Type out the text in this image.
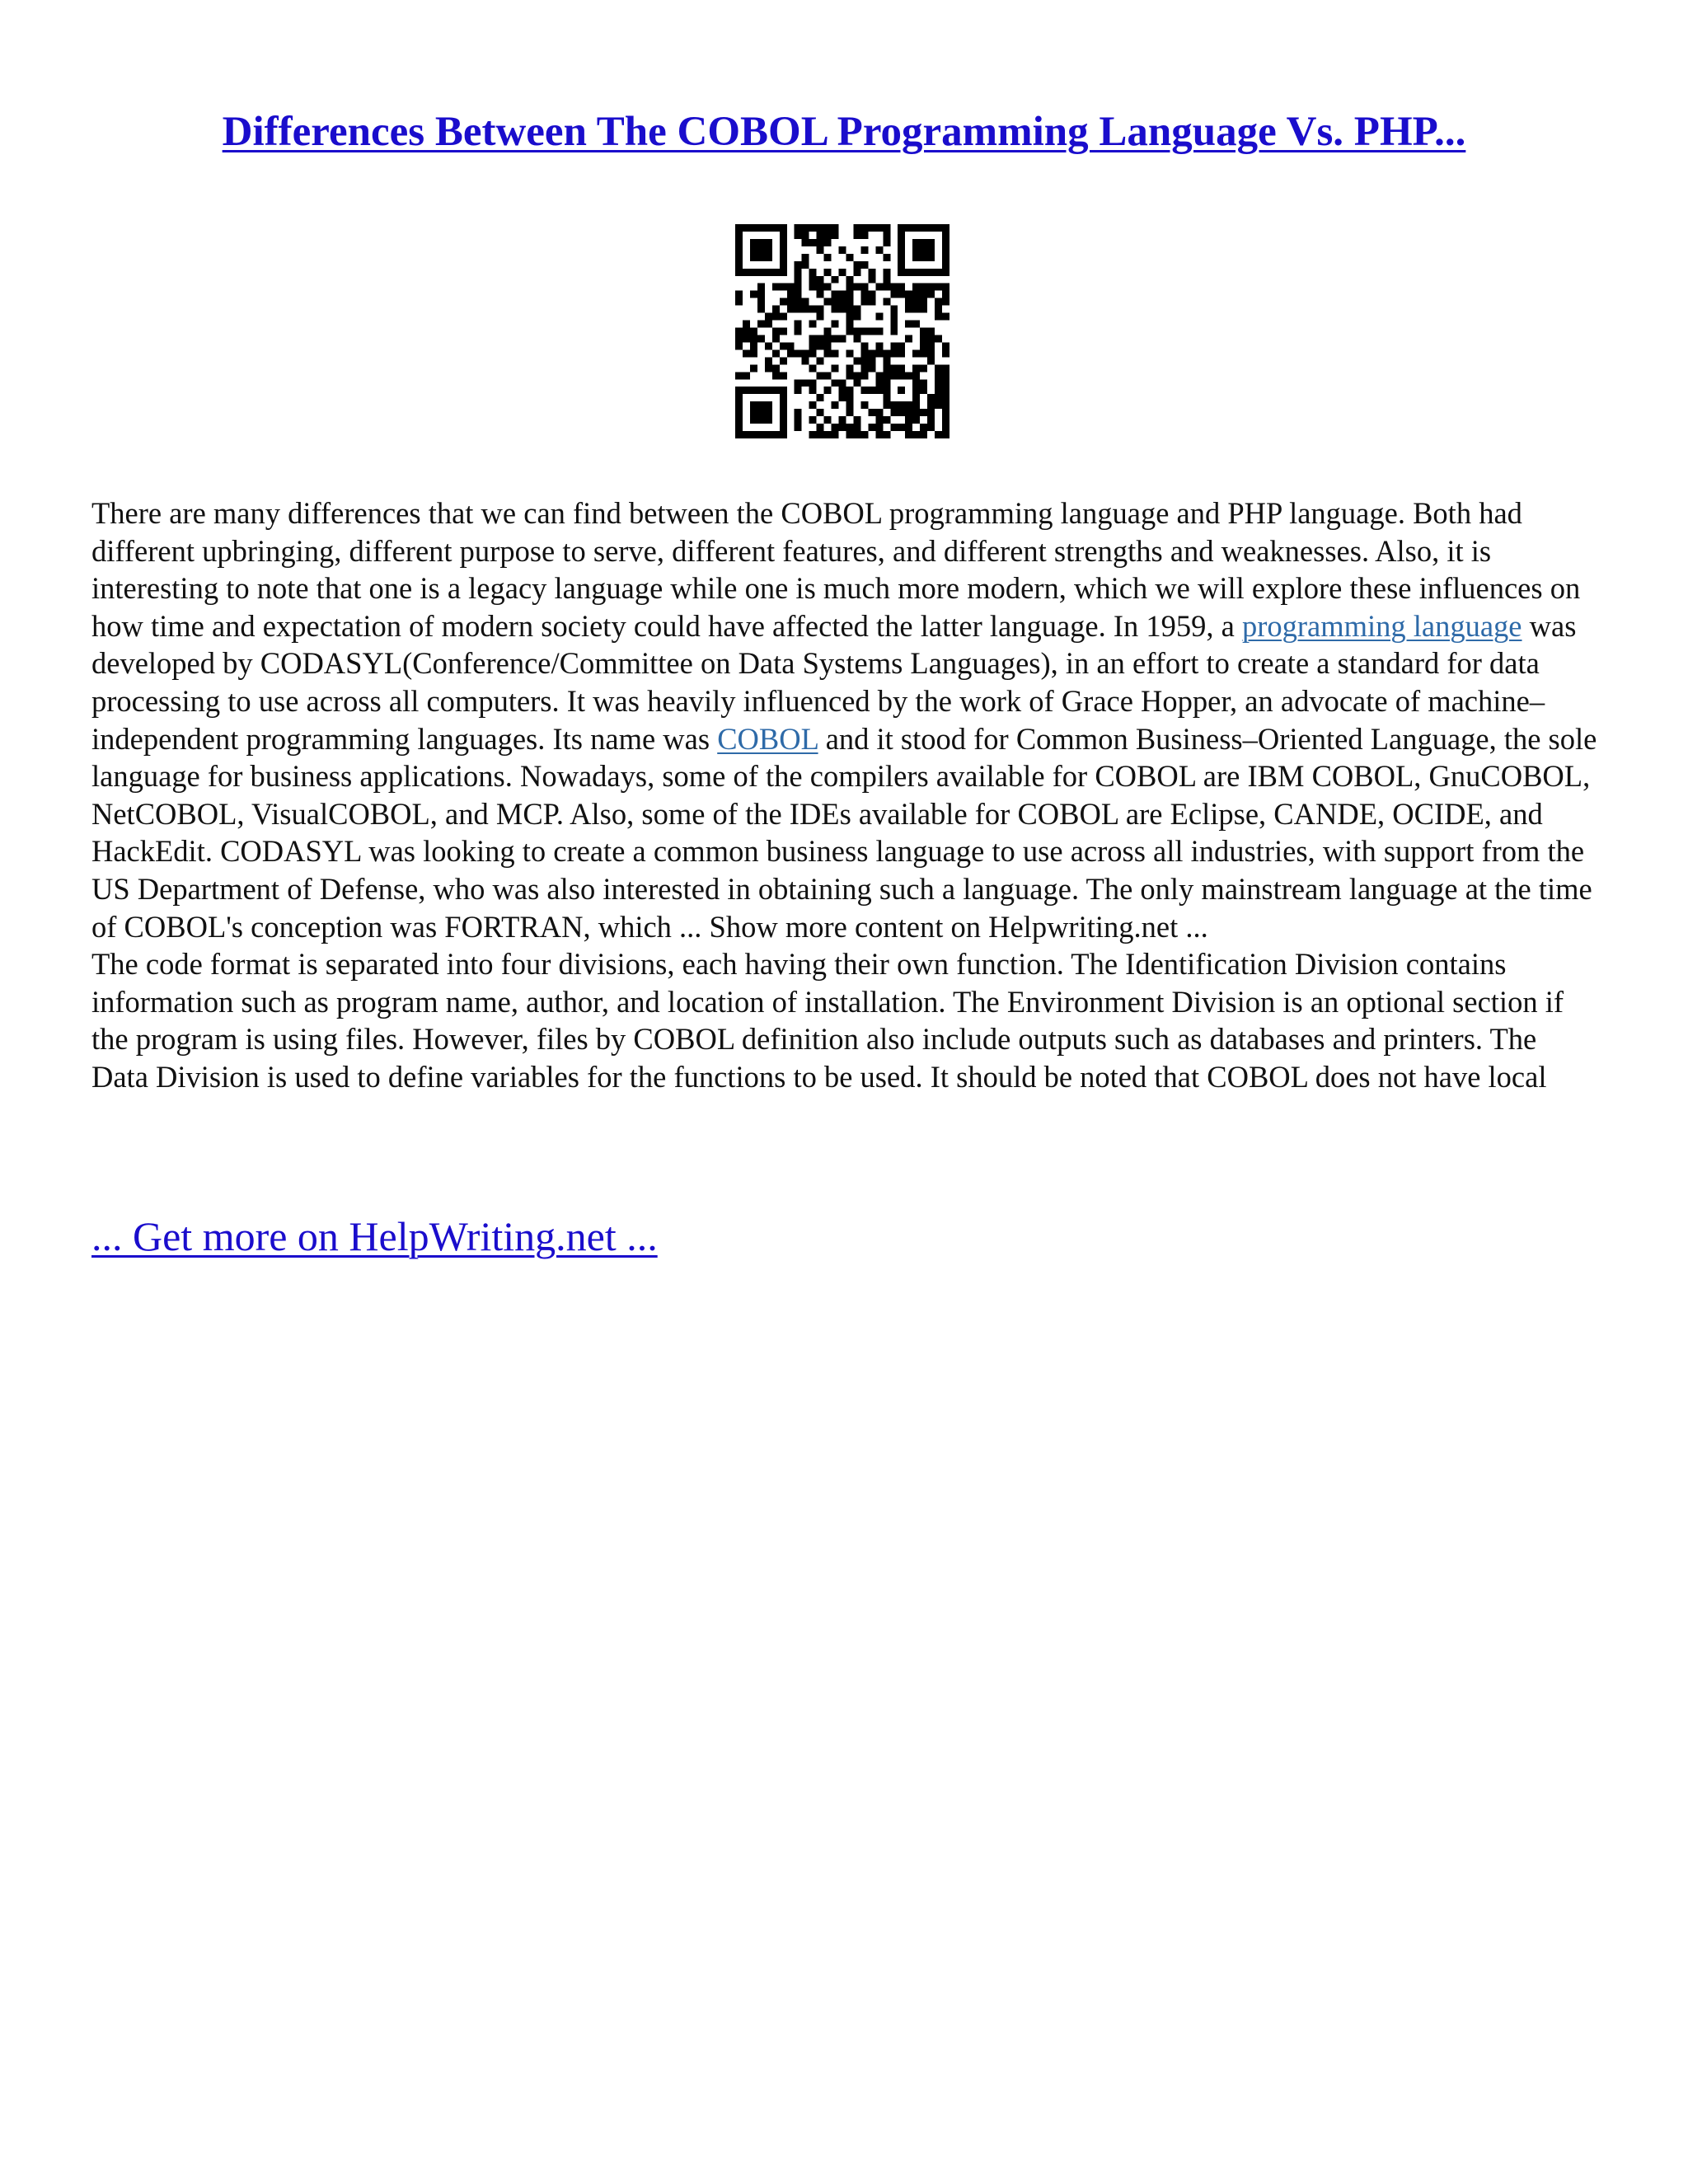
Differences Between The COBOL Programming Language Vs. PHP...

There are many differences that we can find between the COBOL programming language and PHP language. Both had different upbringing, different purpose to serve, different features, and different strengths and weaknesses. Also, it is interesting to note that one is a legacy language while one is much more modern, which we will explore these influences on how time and expectation of modern society could have affected the latter language. In 1959, a programming language was developed by CODASYL(Conference/Committee on Data Systems Languages), in an effort to create a standard for data processing to use across all computers. It was heavily influenced by the work of Grace Hopper, an advocate of machine–independent programming languages. Its name was COBOL and it stood for Common Business–Oriented Language, the sole language for business applications. Nowadays, some of the compilers available for COBOL are IBM COBOL, GnuCOBOL, NetCOBOL, VisualCOBOL, and MCP. Also, some of the IDEs available for COBOL are Eclipse, CANDE, OCIDE, and HackEdit. CODASYL was looking to create a common business language to use across all industries, with support from the US Department of Defense, who was also interested in obtaining such a language. The only mainstream language at the time of COBOL's conception was FORTRAN, which ... Show more content on Helpwriting.net ...

The code format is separated into four divisions, each having their own function. The Identification Division contains information such as program name, author, and location of installation. The Environment Division is an optional section if the program is using files. However, files by COBOL definition also include outputs such as databases and printers. The Data Division is used to define variables for the functions to be used. It should be noted that COBOL does not have local

... Get more on HelpWriting.net ...
